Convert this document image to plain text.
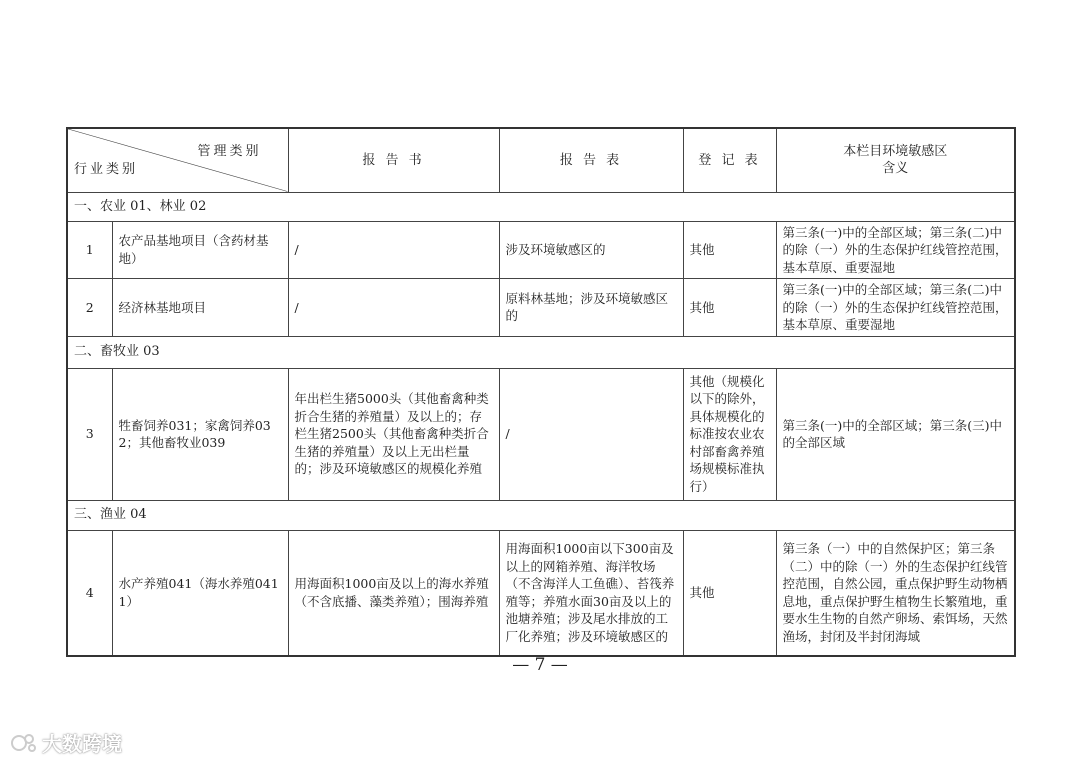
管理类别
行业类别		报 告 书	报 告 表	登 记 表	本栏目环境敏感区
含义
一、农业 01、林业 02					
1	农产品基地项目（含药材基地）	/	涉及环境敏感区的	其他	第三条(一)中的全部区域；第三条(二)中的除（一）外的生态保护红线管控范围，基本草原、重要湿地
2	经济林基地项目	/	原料林基地；涉及环境敏感区的	其他	第三条(一)中的全部区域；第三条(二)中的除（一）外的生态保护红线管控范围，基本草原、重要湿地
二、畜牧业 03					
3	牲畜饲养031；家禽饲养032；其他畜牧业039	年出栏生猪5000头（其他畜禽种类折合生猪的养殖量）及以上的；存栏生猪2500头（其他畜禽种类折合生猪的养殖量）及以上无出栏量的；涉及环境敏感区的规模化养殖	/	其他（规模化以下的除外，具体规模化的标准按农业农村部畜禽养殖场规模标准执行）	第三条(一)中的全部区域；第三条(三)中的全部区域
三、渔业 04					
4	水产养殖041（海水养殖0411）	用海面积1000亩及以上的海水养殖（不含底播、藻类养殖）；围海养殖	用海面积1000亩以下300亩及以上的网箱养殖、海洋牧场（不含海洋人工鱼礁）、苔筏养殖等；养殖水面30亩及以上的池塘养殖；涉及尾水排放的工厂化养殖；涉及环境敏感区的	其他	第三条（一）中的自然保护区；第三条（二）中的除（一）外的生态保护红线管控范围，自然公园，重点保护野生动物栖息地，重点保护野生植物生长繁殖地，重要水生生物的自然产卵场、索饵场，天然渔场，封闭及半封闭海域
— 7 —
大数跨境
